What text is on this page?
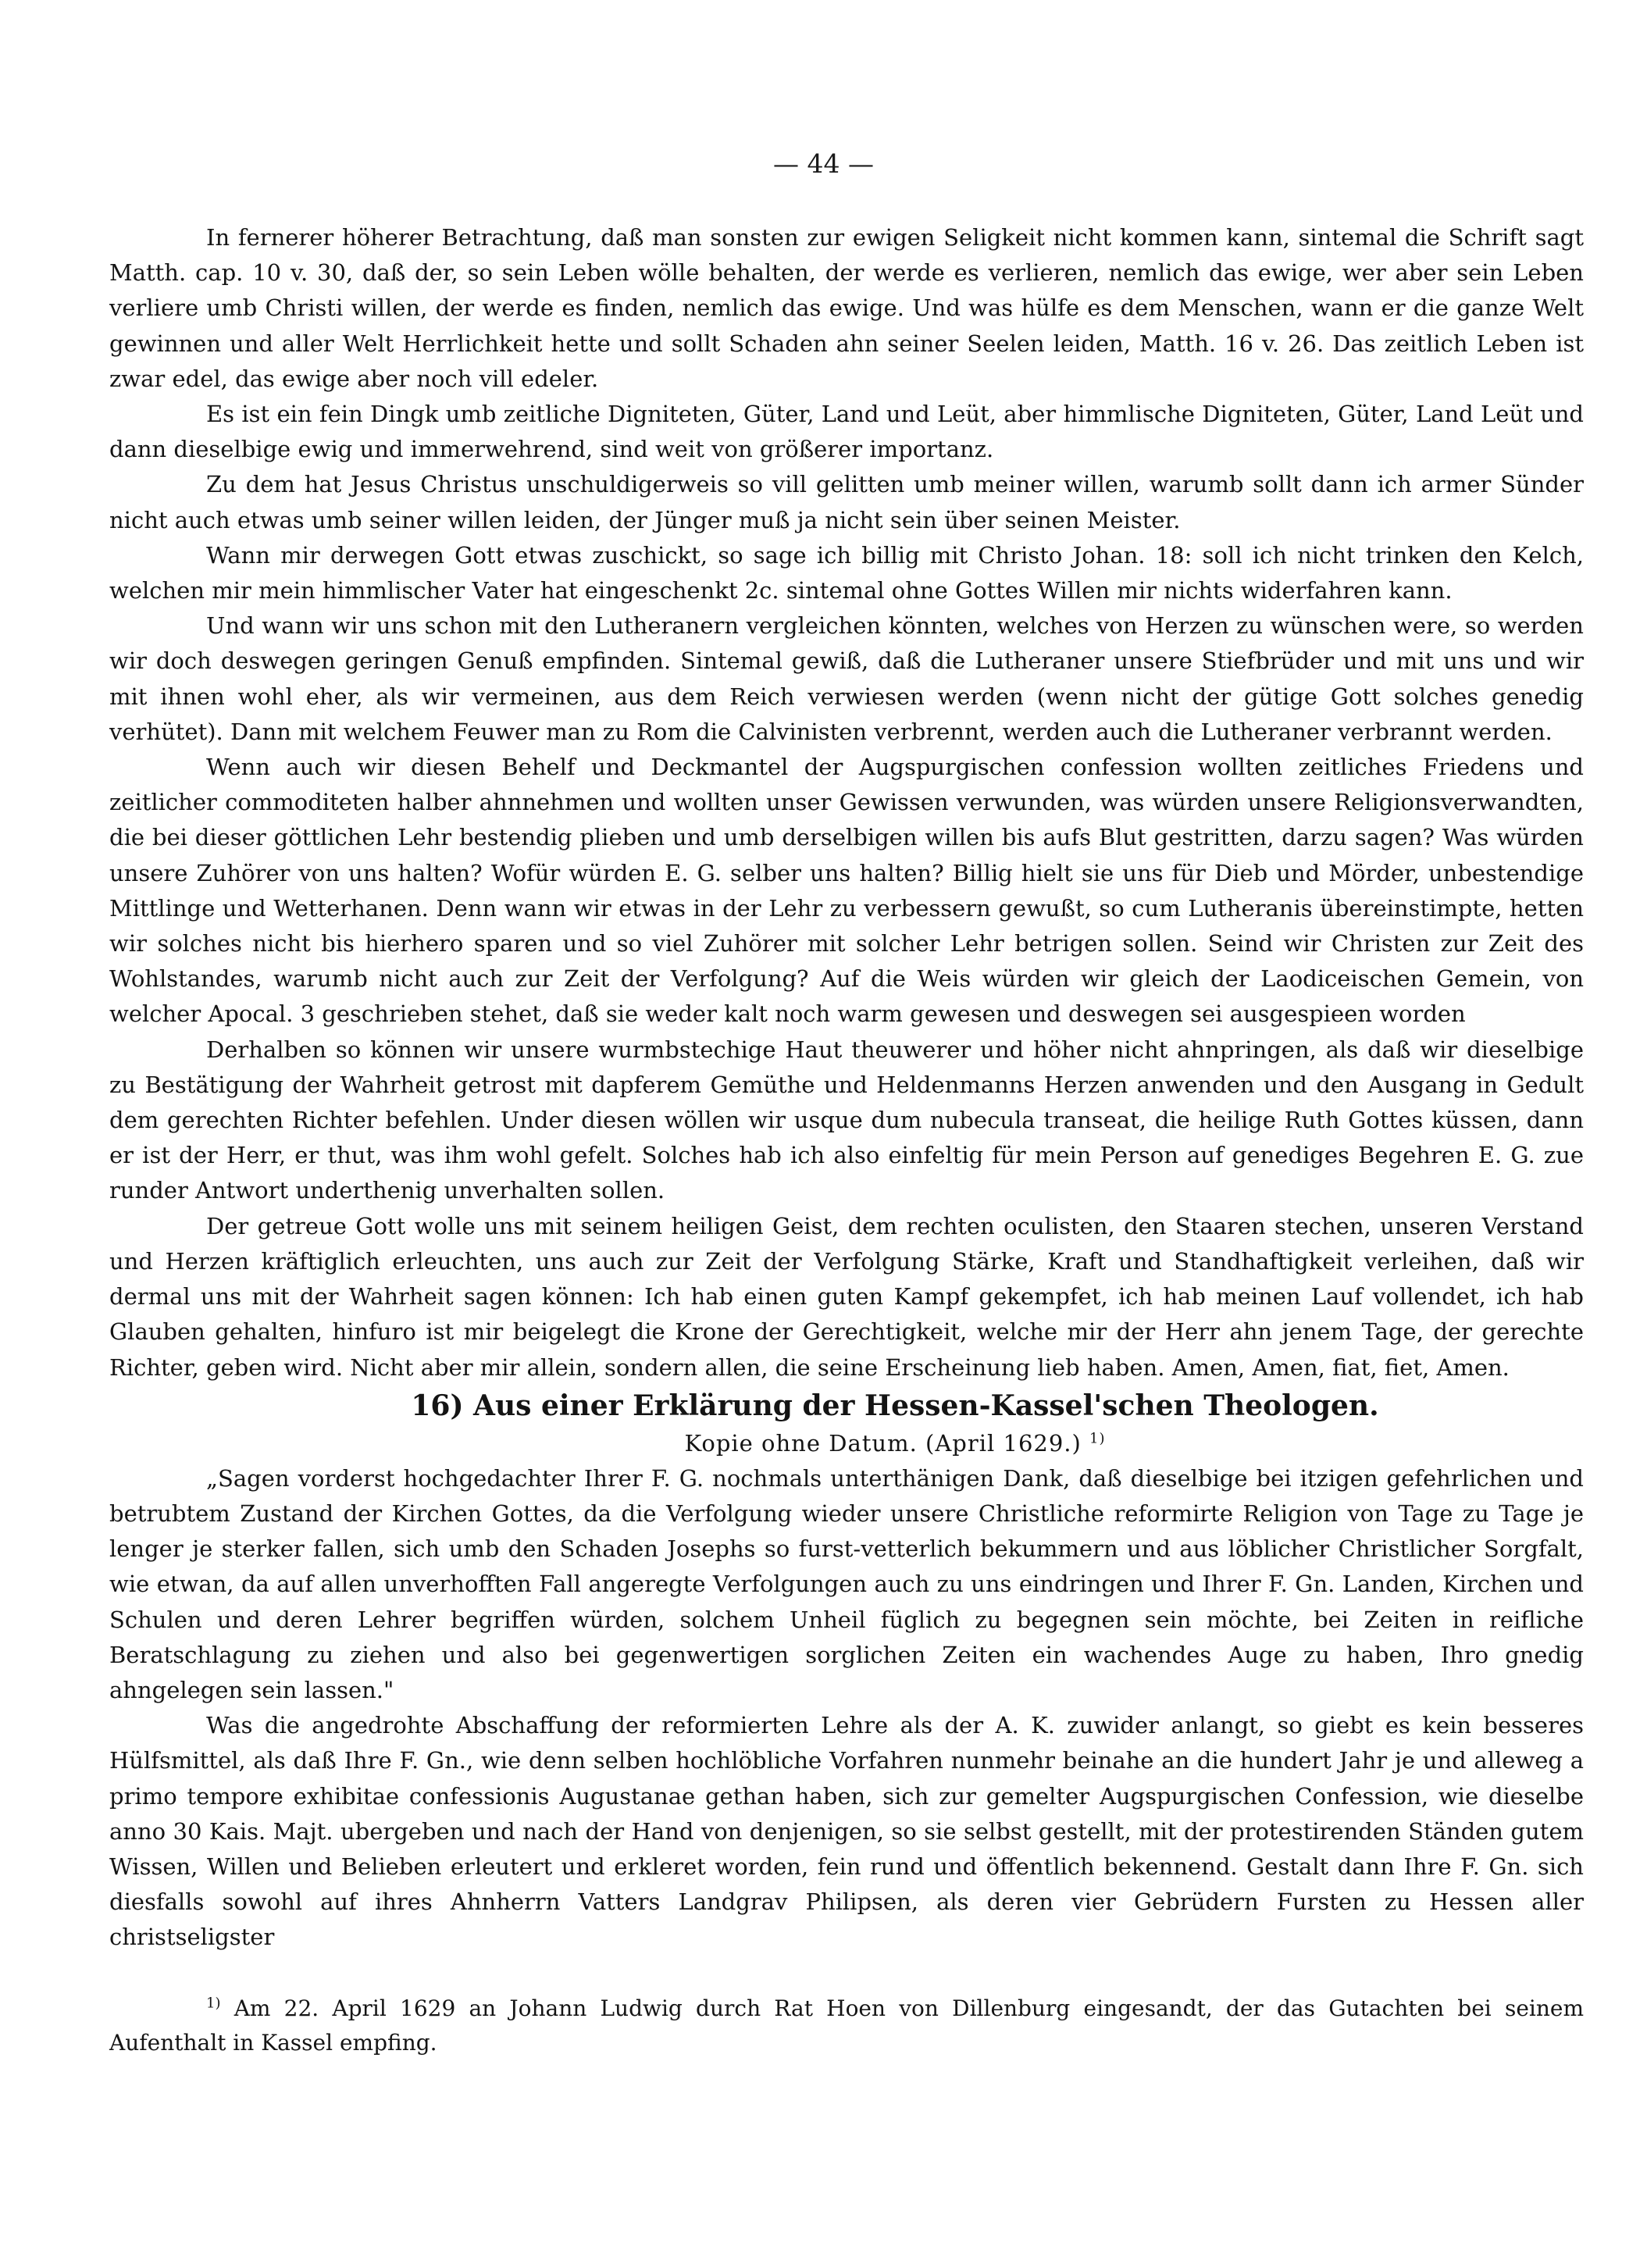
— 44 —

In fernerer höherer Betrachtung, daß man sonsten zur ewigen Seligkeit nicht kommen kann, sintemal die Schrift sagt Matth. cap. 10 v. 30, daß der, so sein Leben wölle behalten, der werde es verlieren, nemlich das ewige, wer aber sein Leben verliere umb Christi willen, der werde es finden, nemlich das ewige. Und was hülfe es dem Menschen, wann er die ganze Welt gewinnen und aller Welt Herrlichkeit hette und sollt Schaden ahn seiner Seelen leiden, Matth. 16 v. 26. Das zeitlich Leben ist zwar edel, das ewige aber noch vill edeler.

Es ist ein fein Dingk umb zeitliche Digniteten, Güter, Land und Leüt, aber himmlische Digniteten, Güter, Land Leüt und dann dieselbige ewig und immerwehrend, sind weit von größerer importanz.

Zu dem hat Jesus Christus unschuldigerweis so vill gelitten umb meiner willen, warumb sollt dann ich armer Sünder nicht auch etwas umb seiner willen leiden, der Jünger muß ja nicht sein über seinen Meister.

Wann mir derwegen Gott etwas zuschickt, so sage ich billig mit Christo Johan. 18: soll ich nicht trinken den Kelch, welchen mir mein himmlischer Vater hat eingeschenkt 2c. sintemal ohne Gottes Willen mir nichts widerfahren kann.

Und wann wir uns schon mit den Lutheranern vergleichen könnten, welches von Herzen zu wünschen were, so werden wir doch deswegen geringen Genuß empfinden. Sintemal gewiß, daß die Lutheraner unsere Stiefbrüder und mit uns und wir mit ihnen wohl eher, als wir vermeinen, aus dem Reich verwiesen werden (wenn nicht der gütige Gott solches genedig verhütet). Dann mit welchem Feuwer man zu Rom die Calvinisten verbrennt, werden auch die Lutheraner verbrannt werden.

Wenn auch wir diesen Behelf und Deckmantel der Augspurgischen confession wollten zeitliches Friedens und zeitlicher commoditeten halber ahnnehmen und wollten unser Gewissen verwunden, was würden unsere Religionsverwandten, die bei dieser göttlichen Lehr bestendig plieben und umb derselbigen willen bis aufs Blut gestritten, darzu sagen? Was würden unsere Zuhörer von uns halten? Wofür würden E. G. selber uns halten? Billig hielt sie uns für Dieb und Mörder, unbestendige Mittlinge und Wetterhanen. Denn wann wir etwas in der Lehr zu verbessern gewußt, so cum Lutheranis übereinstimpte, hetten wir solches nicht bis hierhero sparen und so viel Zuhörer mit solcher Lehr betrigen sollen. Seind wir Christen zur Zeit des Wohlstandes, warumb nicht auch zur Zeit der Verfolgung? Auf die Weis würden wir gleich der Laodiceischen Gemein, von welcher Apocal. 3 geschrieben stehet, daß sie weder kalt noch warm gewesen und deswegen sei ausgespieen worden

Derhalben so können wir unsere wurmbstechige Haut theuwerer und höher nicht ahnpringen, als daß wir dieselbige zu Bestätigung der Wahrheit getrost mit dapferem Gemüthe und Heldenmanns Herzen anwenden und den Ausgang in Gedult dem gerechten Richter befehlen. Under diesen wöllen wir usque dum nubecula transeat, die heilige Ruth Gottes küssen, dann er ist der Herr, er thut, was ihm wohl gefelt. Solches hab ich also einfeltig für mein Person auf genediges Begehren E. G. zue runder Antwort underthenig unverhalten sollen.

Der getreue Gott wolle uns mit seinem heiligen Geist, dem rechten oculisten, den Staaren stechen, unseren Verstand und Herzen kräftiglich erleuchten, uns auch zur Zeit der Verfolgung Stärke, Kraft und Standhaftigkeit verleihen, daß wir dermal uns mit der Wahrheit sagen können: Ich hab einen guten Kampf gekempfet, ich hab meinen Lauf vollendet, ich hab Glauben gehalten, hinfuro ist mir beigelegt die Krone der Gerechtigkeit, welche mir der Herr ahn jenem Tage, der gerechte Richter, geben wird. Nicht aber mir allein, sondern allen, die seine Erscheinung lieb haben. Amen, Amen, fiat, fiet, Amen.

16) Aus einer Erklärung der Hessen-Kassel'schen Theologen.

Kopie ohne Datum. (April 1629.) $^{1)}$

„Sagen vorderst hochgedachter Ihrer F. G. nochmals unterthänigen Dank, daß dieselbige bei itzigen gefehrlichen und betrubtem Zustand der Kirchen Gottes, da die Verfolgung wieder unsere Christliche reformirte Religion von Tage zu Tage je lenger je sterker fallen, sich umb den Schaden Josephs so furst-vetterlich bekummern und aus löblicher Christlicher Sorgfalt, wie etwan, da auf allen unverhofften Fall angeregte Verfolgungen auch zu uns eindringen und Ihrer F. Gn. Landen, Kirchen und Schulen und deren Lehrer begriffen würden, solchem Unheil füglich zu begegnen sein möchte, bei Zeiten in reifliche Beratschlagung zu ziehen und also bei gegenwertigen sorglichen Zeiten ein wachendes Auge zu haben, Ihro gnedig ahngelegen sein lassen."

Was die angedrohte Abschaffung der reformierten Lehre als der A. K. zuwider anlangt, so giebt es kein besseres Hülfsmittel, als daß Ihre F. Gn., wie denn selben hochlöbliche Vorfahren nunmehr beinahe an die hundert Jahr je und alleweg a primo tempore exhibitae confessionis Augustanae gethan haben, sich zur gemelter Augspurgischen Confession, wie dieselbe anno 30 Kais. Majt. ubergeben und nach der Hand von denjenigen, so sie selbst gestellt, mit der protestirenden Ständen gutem Wissen, Willen und Belieben erleutert und erkleret worden, fein rund und öffentlich bekennend. Gestalt dann Ihre F. Gn. sich diesfalls sowohl auf ihres Ahnherrn Vatters Landgrav Philipsen, als deren vier Gebrüdern Fursten zu Hessen aller christseligster

$^{1)}$ Am 22. April 1629 an Johann Ludwig durch Rat Hoen von Dillenburg eingesandt, der das Gutachten bei seinem Aufenthalt in Kassel empfing.
